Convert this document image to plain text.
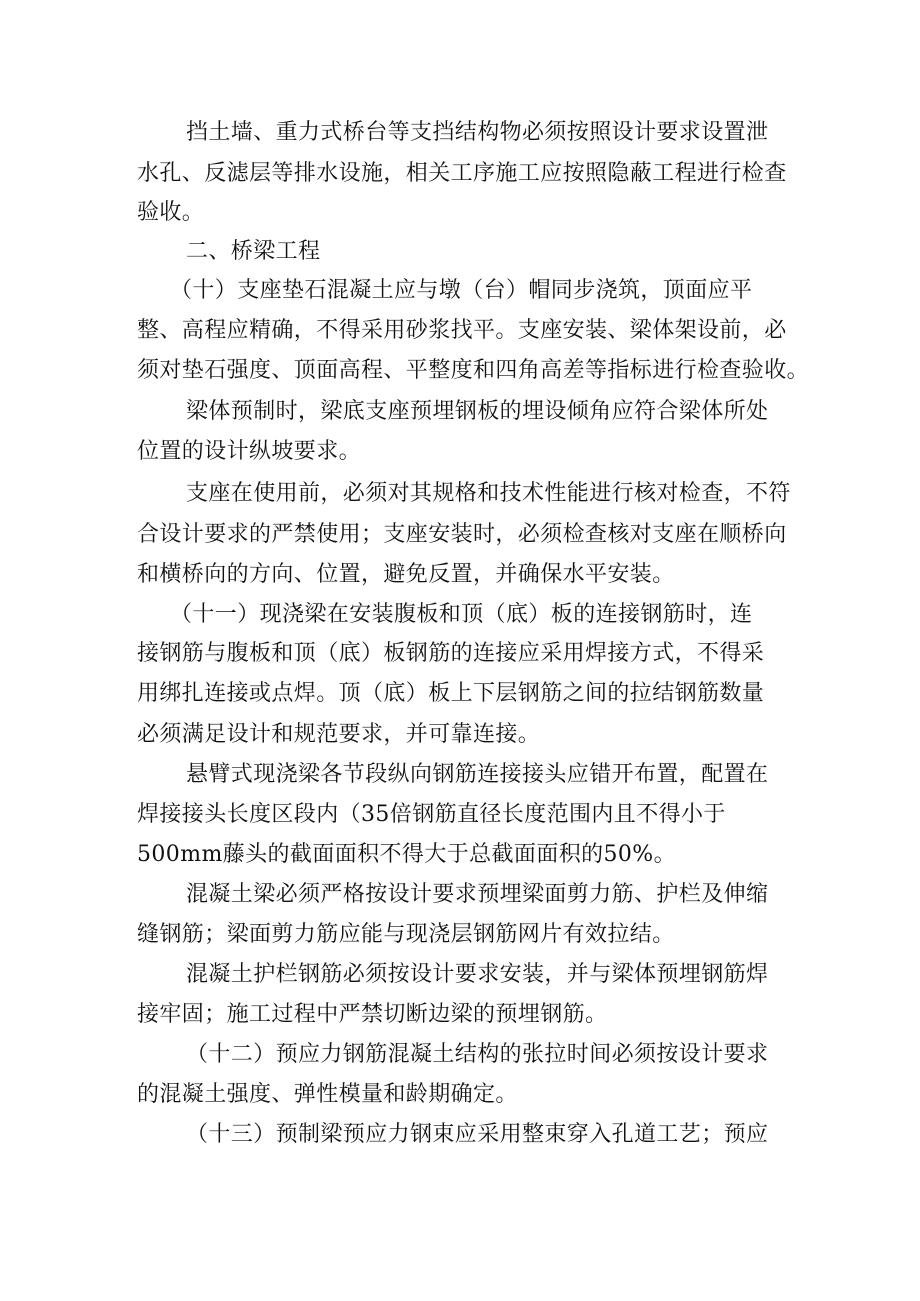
挡土墙、重力式桥台等支挡结构物必须按照设计要求设置泄
水孔、反滤层等排水设施，相关工序施工应按照隐蔽工程进行检查
验收。
二、桥梁工程
（十）支座垫石混凝土应与墩（台）帽同步浇筑，顶面应平
整、高程应精确，不得采用砂浆找平。支座安装、梁体架设前，必
须对垫石强度、顶面高程、平整度和四角高差等指标进行检查验收。
梁体预制时，梁底支座预埋钢板的埋设倾角应符合梁体所处
位置的设计纵坡要求。
支座在使用前，必须对其规格和技术性能进行核对检查，不符
合设计要求的严禁使用；支座安装时，必须检查核对支座在顺桥向
和横桥向的方向、位置，避免反置，并确保水平安装。
（十一）现浇梁在安装腹板和顶（底）板的连接钢筋时，连
接钢筋与腹板和顶（底）板钢筋的连接应采用焊接方式，不得采
用绑扎连接或点焊。顶（底）板上下层钢筋之间的拉结钢筋数量
必须满足设计和规范要求，并可靠连接。
悬臂式现浇梁各节段纵向钢筋连接接头应错开布置，配置在
焊接接头长度区段内（35倍钢筋直径长度范围内且不得小于
500mm藤头的截面面积不得大于总截面面积的50%。
混凝土梁必须严格按设计要求预埋梁面剪力筋、护栏及伸缩
缝钢筋；梁面剪力筋应能与现浇层钢筋网片有效拉结。
混凝土护栏钢筋必须按设计要求安装，并与梁体预埋钢筋焊
接牢固；施工过程中严禁切断边梁的预埋钢筋。
（十二）预应力钢筋混凝土结构的张拉时间必须按设计要求
的混凝土强度、弹性模量和龄期确定。
（十三）预制梁预应力钢束应采用整束穿入孔道工艺；预应
